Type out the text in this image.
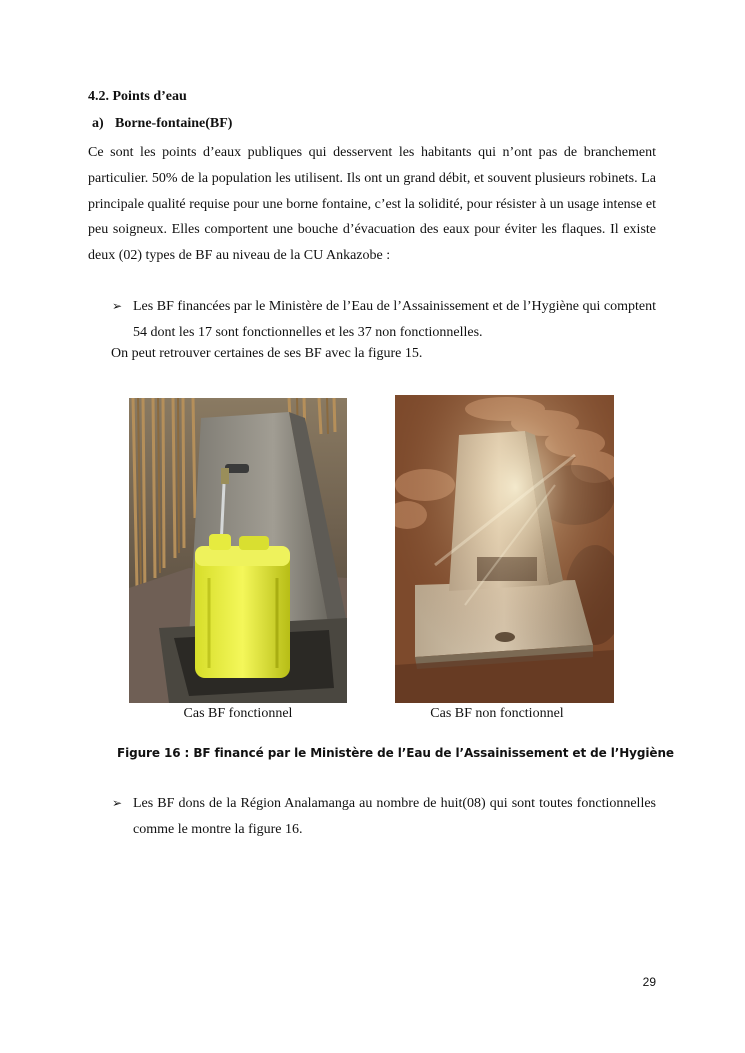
4.2. Points d’eau
a) Borne-fontaine(BF)

Ce sont les points d’eaux publiques qui desservent les habitants qui n’ont pas de branchement particulier. 50% de la population les utilisent. Ils ont un grand débit, et souvent plusieurs robinets. La principale qualité requise pour une borne fontaine, c’est la solidité, pour résister à un usage intense et peu soigneux. Elles comportent une bouche d’évacuation des eaux pour éviter les flaques. Il existe deux (02) types de BF au niveau de la CU Ankazobe :

➢ Les BF financées par le Ministère de l’Eau de l’Assainissement et de l’Hygiène qui comptent 54 dont les 17 sont fonctionnelles et les 37 non fonctionnelles.

On peut retrouver certaines de ses BF avec la figure 15.

Cas BF fonctionnel	Cas BF non fonctionnel

Figure 16 : BF financé par le Ministère de l’Eau de l’Assainissement et de l’Hygiène

➢ Les BF dons de la Région Analamanga au nombre de huit(08) qui sont toutes fonctionnelles comme le montre la figure 16.

29
